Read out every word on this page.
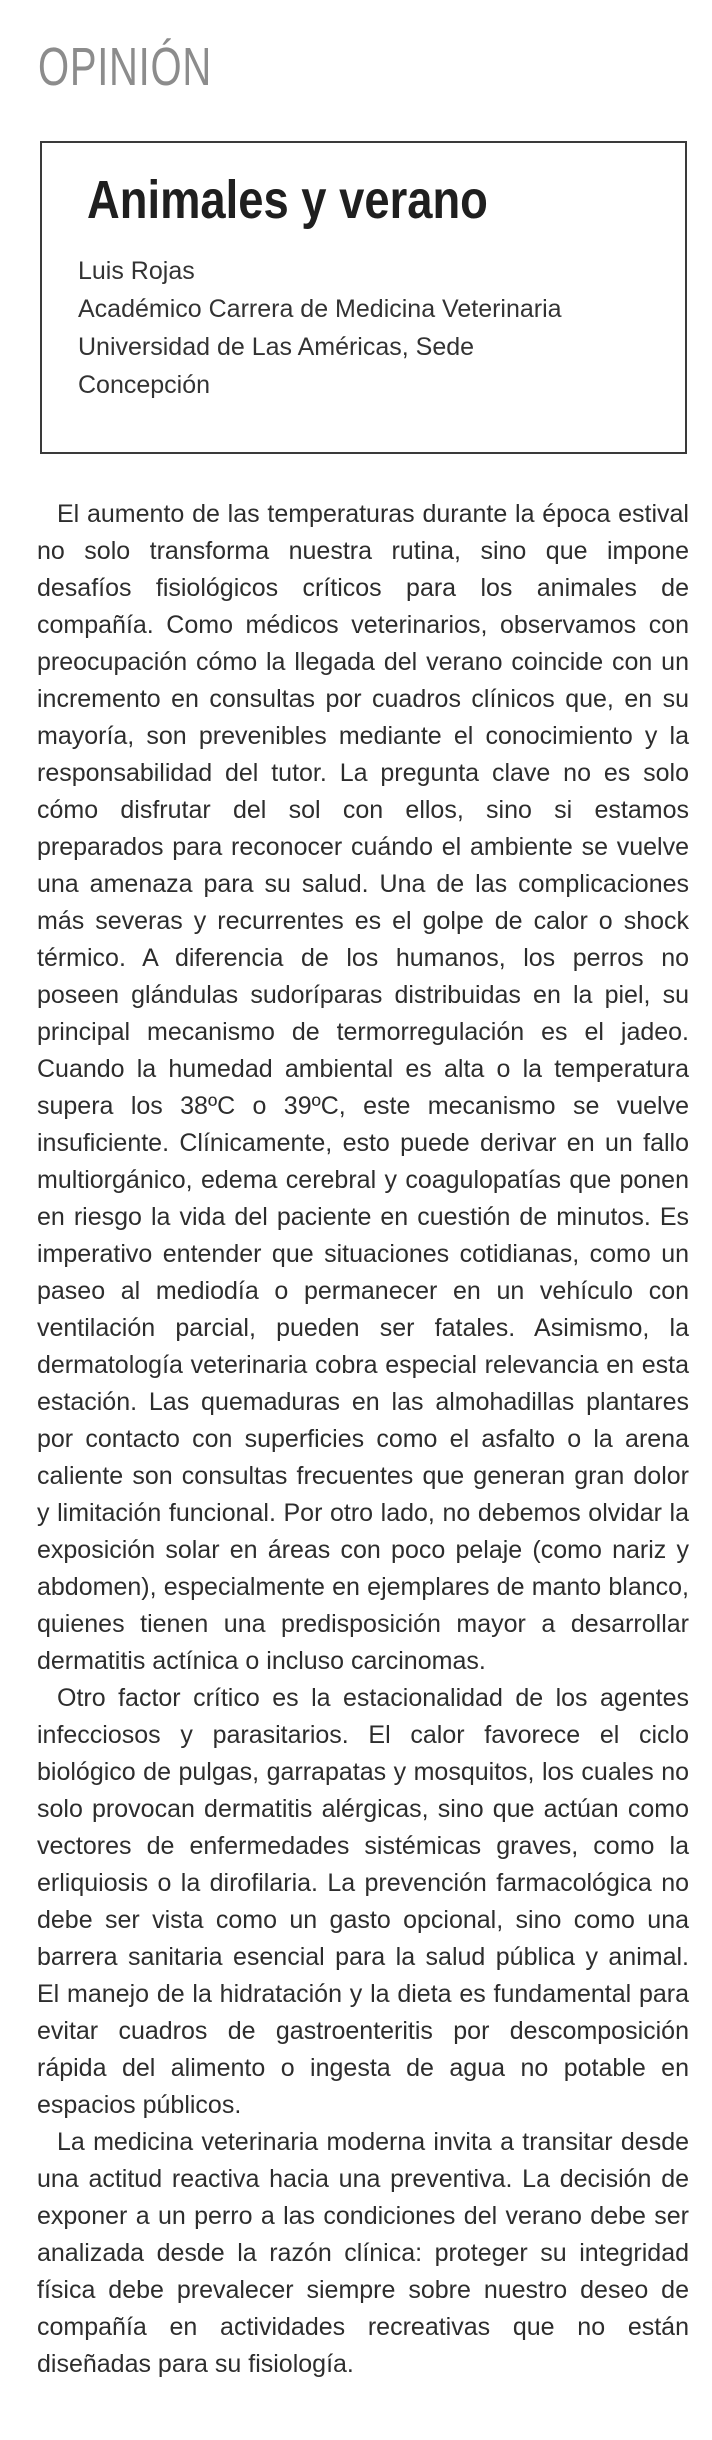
OPINIÓN
Animales y verano
Luis Rojas
Académico Carrera de Medicina Veterinaria
Universidad de Las Américas, Sede
Concepción

El aumento de las temperaturas durante la época estival no solo transforma nuestra rutina, sino que impone desafíos fisiológicos críticos para los animales de compañía. Como médicos veterinarios, observamos con preocupación cómo la llegada del verano coincide con un incremento en consultas por cuadros clínicos que, en su mayoría, son prevenibles mediante el conocimiento y la responsabilidad del tutor. La pregunta clave no es solo cómo disfrutar del sol con ellos, sino si estamos preparados para reconocer cuándo el ambiente se vuelve una amenaza para su salud. Una de las complicaciones más severas y recurrentes es el golpe de calor o shock térmico. A diferencia de los humanos, los perros no poseen glándulas sudoríparas distribuidas en la piel, su principal mecanismo de termorregulación es el jadeo. Cuando la humedad ambiental es alta o la temperatura supera los 38ºC o 39ºC, este mecanismo se vuelve insuficiente. Clínicamente, esto puede derivar en un fallo multiorgánico, edema cerebral y coagulopatías que ponen en riesgo la vida del paciente en cuestión de minutos. Es imperativo entender que situaciones cotidianas, como un paseo al mediodía o permanecer en un vehículo con ventilación parcial, pueden ser fatales. Asimismo, la dermatología veterinaria cobra especial relevancia en esta estación. Las quemaduras en las almohadillas plantares por contacto con superficies como el asfalto o la arena caliente son consultas frecuentes que generan gran dolor y limitación funcional. Por otro lado, no debemos olvidar la exposición solar en áreas con poco pelaje (como nariz y abdomen), especialmente en ejemplares de manto blanco, quienes tienen una predisposición mayor a desarrollar dermatitis actínica o incluso carcinomas.

Otro factor crítico es la estacionalidad de los agentes infecciosos y parasitarios. El calor favorece el ciclo biológico de pulgas, garrapatas y mosquitos, los cuales no solo provocan dermatitis alérgicas, sino que actúan como vectores de enfermedades sistémicas graves, como la erliquiosis o la dirofilaria. La prevención farmacológica no debe ser vista como un gasto opcional, sino como una barrera sanitaria esencial para la salud pública y animal. El manejo de la hidratación y la dieta es fundamental para evitar cuadros de gastroenteritis por descomposición rápida del alimento o ingesta de agua no potable en espacios públicos.

La medicina veterinaria moderna invita a transitar desde una actitud reactiva hacia una preventiva. La decisión de exponer a un perro a las condiciones del verano debe ser analizada desde la razón clínica: proteger su integridad física debe prevalecer siempre sobre nuestro deseo de compañía en actividades recreativas que no están diseñadas para su fisiología.
